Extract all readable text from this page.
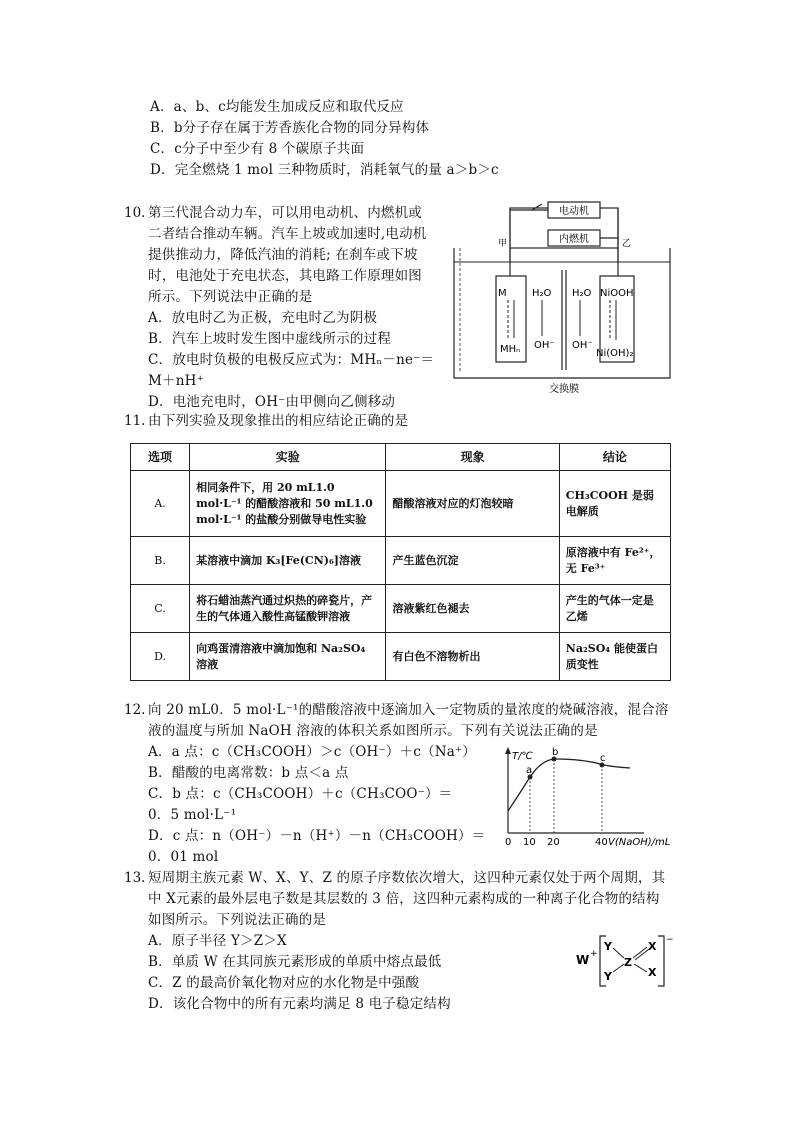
A．a、b、c均能发生加成反应和取代反应
B．b分子存在属于芳香族化合物的同分异构体
C．c分子中至少有 8 个碳原子共面
D．完全燃烧 1 mol 三种物质时，消耗氧气的量 a＞b＞c
10. 第三代混合动力车，可以用电动机、内燃机或
二者结合推动车辆。汽车上坡或加速时,电动机
提供推动力，降低汽油的消耗; 在刹车或下坡
时，电池处于充电状态，其电路工作原理如图
所示。下列说法中正确的是
A．放电时乙为正极，充电时乙为阴极
B．汽车上坡时发生图中虚线所示的过程
C．放电时负极的电极反应式为：MHₙ－ne⁻＝
M＋nH⁺
D．电池充电时，OH⁻由甲侧向乙侧移动
电动机
内燃机
甲	乙
M
MHₙ
H₂O
OH⁻
H₂O
OH⁻
NiOOH
Ni(OH)₂
交换膜
11. 由下列实验及现象推出的相应结论正确的是
选项	实验	现象	结论
A.	相同条件下，用 20 mL1.0 mol·L⁻¹ 的醋酸溶液和 50 mL1.0 mol·L⁻¹ 的盐酸分别做导电性实验	醋酸溶液对应的灯泡较暗	CH₃COOH 是弱电解质
B.	某溶液中滴加 K₃[Fe(CN)₆]溶液	产生蓝色沉淀	原溶液中有 Fe²⁺，无 Fe³⁺
C.	将石蜡油蒸汽通过炽热的碎瓷片，产生的气体通入酸性高锰酸钾溶液	溶液紫红色褪去	产生的气体一定是乙烯
D.	向鸡蛋清溶液中滴加饱和 Na₂SO₄ 溶液	有白色不溶物析出	Na₂SO₄ 能使蛋白质变性
12. 向 20 mL0．5 mol·L⁻¹的醋酸溶液中逐滴加入一定物质的量浓度的烧碱溶液，混合溶
液的温度与所加 NaOH 溶液的体积关系如图所示。下列有关说法正确的是
A．a 点：c（CH₃COOH）＞c（OH⁻）＋c（Na⁺）
B．醋酸的电离常数：b 点＜a 点
C．b 点：c（CH₃COOH）＋c（CH₃COO⁻）＝
0．5 mol·L⁻¹
D．c 点：n（OH⁻）－n（H⁺）－n（CH₃COOH）＝
0．01 mol
T/℃
a
b
c
0 10 20	40 V(NaOH)/mL
13. 短周期主族元素 W、X、Y、Z 的原子序数依次增大，这四种元素仅处于两个周期，其
中 X元素的最外层电子数是其层数的 3 倍，这四种元素构成的一种离子化合物的结构
如图所示。下列说法正确的是
A．原子半径 Y＞Z＞X
B．单质 W 在其同族元素形成的单质中熔点最低
C．Z 的最高价氧化物对应的水化物是中强酸
D．该化合物中的所有元素均满足 8 电子稳定结构
W +
−
Y
Y
Z
X
X
